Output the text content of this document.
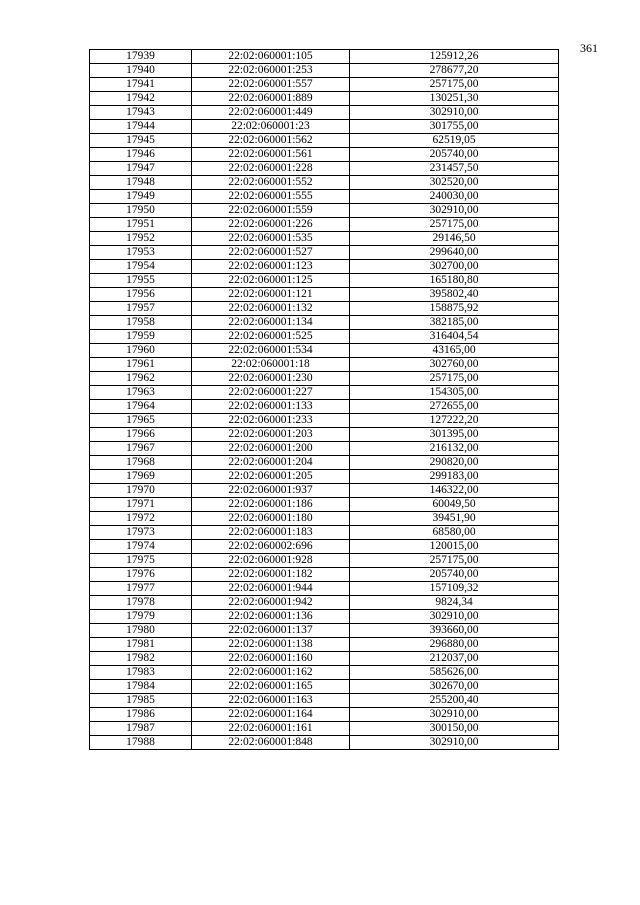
361
17939	22:02:060001:105	125912,26
17940	22:02:060001:253	278677,20
17941	22:02:060001:557	257175,00
17942	22:02:060001:889	130251,30
17943	22:02:060001:449	302910,00
17944	22:02:060001:23	301755,00
17945	22:02:060001:562	62519,05
17946	22:02:060001:561	205740,00
17947	22:02:060001:228	231457,50
17948	22:02:060001:552	302520,00
17949	22:02:060001:555	240030,00
17950	22:02:060001:559	302910,00
17951	22:02:060001:226	257175,00
17952	22:02:060001:535	29146,50
17953	22:02:060001:527	299640,00
17954	22:02:060001:123	302700,00
17955	22:02:060001:125	165180,80
17956	22:02:060001:121	395802,40
17957	22:02:060001:132	158875,92
17958	22:02:060001:134	382185,00
17959	22:02:060001:525	316404,54
17960	22:02:060001:534	43165,00
17961	22:02:060001:18	302760,00
17962	22:02:060001:230	257175,00
17963	22:02:060001:227	154305,00
17964	22:02:060001:133	272655,00
17965	22:02:060001:233	127222,20
17966	22:02:060001:203	301395,00
17967	22:02:060001:200	216132,00
17968	22:02:060001:204	290820,00
17969	22:02:060001:205	299183,00
17970	22:02:060001:937	146322,00
17971	22:02:060001:186	60049,50
17972	22:02:060001:180	39451,90
17973	22:02:060001:183	68580,00
17974	22:02:060002:696	120015,00
17975	22:02:060001:928	257175,00
17976	22:02:060001:182	205740,00
17977	22:02:060001:944	157109,32
17978	22:02:060001:942	9824,34
17979	22:02:060001:136	302910,00
17980	22:02:060001:137	393660,00
17981	22:02:060001:138	296880,00
17982	22:02:060001:160	212037,00
17983	22:02:060001:162	585626,00
17984	22:02:060001:165	302670,00
17985	22:02:060001:163	255200,40
17986	22:02:060001:164	302910,00
17987	22:02:060001:161	300150,00
17988	22:02:060001:848	302910,00
